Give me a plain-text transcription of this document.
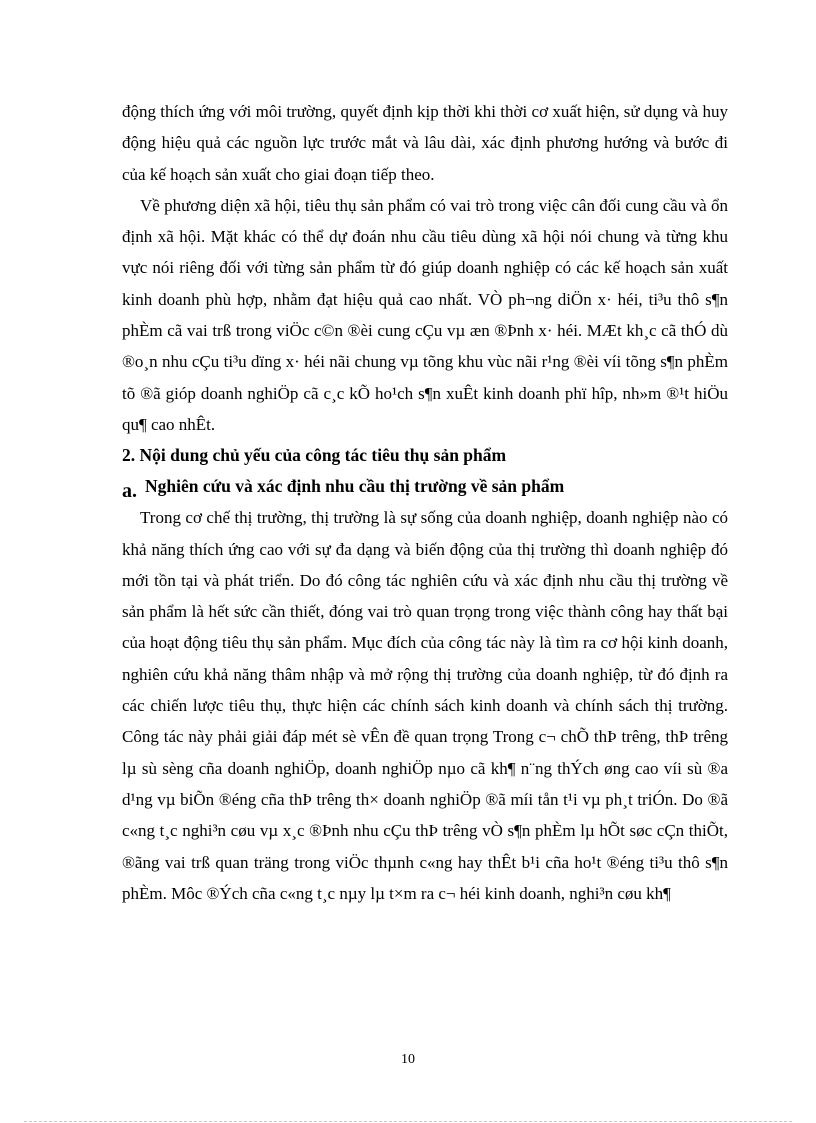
động thích ứng với môi trường, quyết định kịp thời khi thời cơ xuất hiện, sử dụng và huy động hiệu quả các nguồn lực trước mắt và lâu dài, xác định phương hướng và bước đi của kế hoạch sản xuất cho giai đoạn tiếp theo.

Về phương diện xã hội, tiêu thụ sản phẩm có vai trò trong việc cân đối cung cầu và ổn định xã hội. Mặt khác có thể dự đoán nhu cầu tiêu dùng xã hội nói chung và từng khu vực nói riêng đối với từng sản phẩm từ đó giúp doanh nghiệp có các kế hoạch sản xuất kinh doanh phù hợp, nhằm đạt hiệu quả cao nhất. VÒ ph¬ng diÖn x· héi, ti³u thô s¶n phÈm cã vai trß trong viÖc c©n ®èi cung cÇu vµ æn ®Þnh x· héi. MÆt kh¸c cã thÓ dù ®o¸n nhu cÇu ti³u dïng x· héi nãi chung vµ tõng khu vùc nãi r¹ng ®èi víi tõng s¶n phÈm tõ ®ã gióp doanh nghiÖp cã c¸c kÕ ho¹ch s¶n xuÊt kinh doanh phï hîp, nh»m ®¹t hiÖu qu¶ cao nhÊt.

2. Nội dung chủ yếu của công tác tiêu thụ sản phẩm

a. Nghiên cứu và xác định nhu cầu thị trường về sản phẩm

Trong cơ chế thị trường, thị trường là sự sống của doanh nghiệp, doanh nghiệp nào có khả năng thích ứng cao với sự đa dạng và biến động của thị trường thì doanh nghiệp đó mới tồn tại và phát triển. Do đó công tác nghiên cứu và xác định nhu cầu thị trường về sản phẩm là hết sức cần thiết, đóng vai trò quan trọng trong việc thành công hay thất bại của hoạt động tiêu thụ sản phẩm. Mục đích của công tác này là tìm ra cơ hội kinh doanh, nghiên cứu khả năng thâm nhập và mở rộng thị trường của doanh nghiệp, từ đó định ra các chiến lược tiêu thụ, thực hiện các chính sách kinh doanh và chính sách thị trường. Công tác này phải giải đáp mét sè vÊn đề quan trọng Trong c¬ chÕ thÞ trêng, thÞ trêng lµ sù sèng cña doanh nghiÖp, doanh nghiÖp nµo cã kh¶ n¨ng thÝch øng cao víi sù ®a d¹ng vµ biÕn ®éng cña thÞ trêng th× doanh nghiÖp ®ã míi tån t¹i vµ ph¸t triÓn. Do ®ã c«ng t¸c nghi³n cøu vµ x¸c ®Þnh nhu cÇu thÞ trêng vÒ s¶n phÈm lµ hÕt søc cÇn thiÕt, ®ãng vai trß quan träng trong viÖc thµnh c«ng hay thÊt b¹i cña ho¹t ®éng ti³u thô s¶n phÈm. Môc ®Ých cña c«ng t¸c nµy lµ t×m ra c¬ héi kinh doanh, nghi³n cøu kh¶

10
